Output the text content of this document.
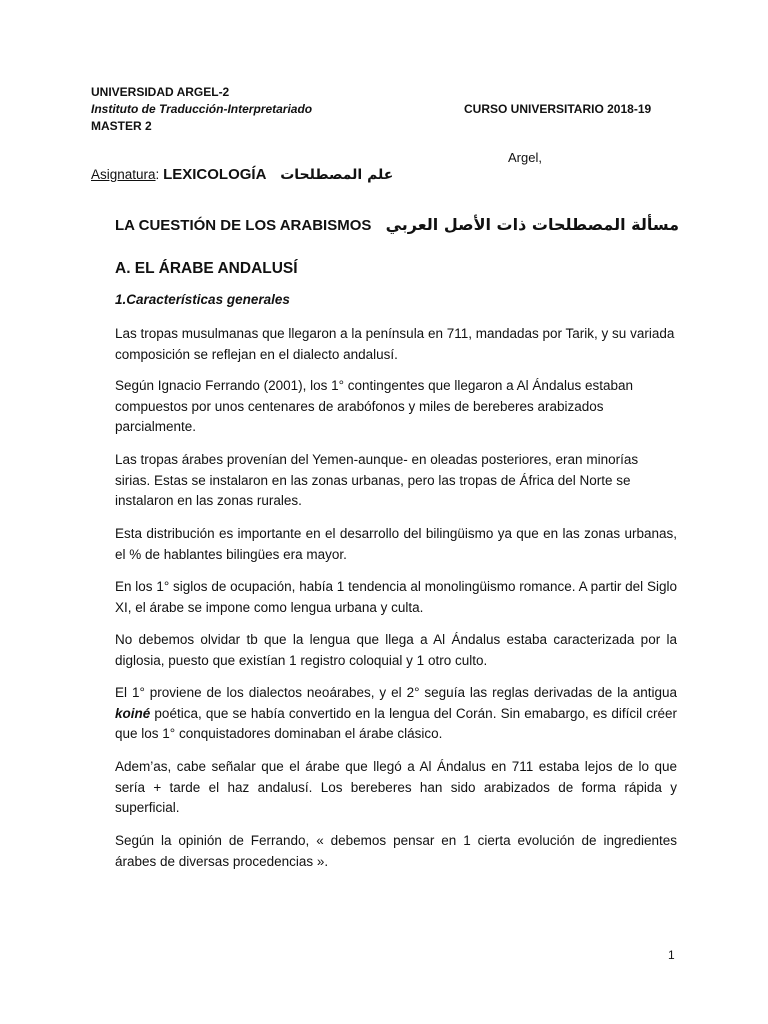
UNIVERSIDAD ARGEL-2
Instituto de Traducción-Interpretariado	CURSO UNIVERSITARIO 2018-19
MASTER 2
Argel,
Asignatura: LEXICOLOGÍA علم المصطلحات
LA CUESTIÓN DE LOS ARABISMOS مسألة المصطلحات ذات الأصل العربي
A. EL ÁRABE ANDALUSÍ
1.Características generales

Las tropas musulmanas que llegaron a la península en 711, mandadas por Tarik, y su variada composición se reflejan en el dialecto andalusí.

Según Ignacio Ferrando (2001), los 1° contingentes que llegaron a Al Ándalus estaban compuestos por unos centenares de arabófonos y miles de bereberes arabizados parcialmente.

Las tropas árabes provenían del Yemen-aunque- en oleadas posteriores, eran minorías sirias. Estas se instalaron en las zonas urbanas, pero las tropas de África del Norte se instalaron en las zonas rurales.

Esta distribución es importante en el desarrollo del bilingüismo ya que en las zonas urbanas, el % de hablantes bilingües era mayor.

En los 1° siglos de ocupación, había 1 tendencia al monolingüismo romance. A partir del Siglo XI, el árabe se impone como lengua urbana y culta.

No debemos olvidar tb que la lengua que llega a Al Ándalus estaba caracterizada por la diglosia, puesto que existían 1 registro coloquial y 1 otro culto.

El 1° proviene de los dialectos neoárabes, y el 2° seguía las reglas derivadas de la antigua koiné poética, que se había convertido en la lengua del Corán. Sin emabargo, es difícil créer que los 1° conquistadores dominaban el árabe clásico.

Adem’as, cabe señalar que el árabe que llegó a Al Ándalus en 711 estaba lejos de lo que sería + tarde el haz andalusí. Los bereberes han sido arabizados de forma rápida y superficial.

Según la opinión de Ferrando, « debemos pensar en 1 cierta evolución de ingredientes árabes de diversas procedencias ».

1
